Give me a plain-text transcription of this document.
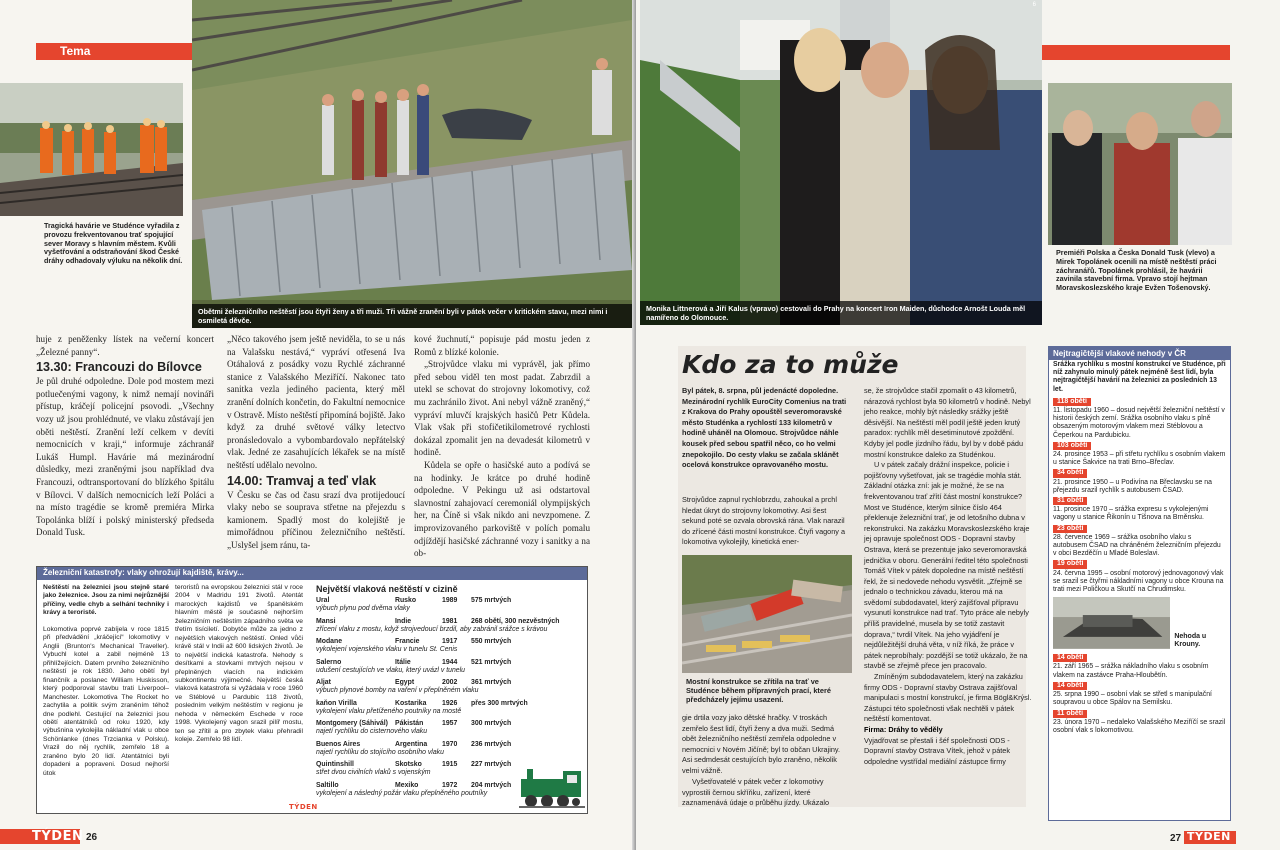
Tema
Tragická havárie ve Studénce vyřadila z provozu frekventovanou trať spojující sever Moravy s hlavním městem. Kvůli vyšetřování a odstraňování škod České dráhy odhadovaly výluku na několik dní.
Obětmi železničního neštěstí jsou čtyři ženy a tři muži. Tři vážně zranění byli v pátek večer v kritickém stavu, mezi nimi i osmiletá děvče.

huje z peněženky lístek na večerní koncert „Železné panny“.

13.30: Francouzi do Bílovce

Je půl druhé odpoledne. Dole pod mostem mezi potluečenými vagony, k nimž nemají novináři přístup, kráčejí policejní psovodi. „Všechny vozy už jsou prohlédnuté, ve vlaku zůstávají jen oběti neštěstí. Zranění leží celkem v devíti nemocnicích v kraji,“ informuje záchranář Lukáš Humpl. Havárie má mezinárodní důsledky, mezi zraněnými jsou například dva Francouzi, odtransportovaní do blízkého špitálu v Bílovci. V dalších nemocnicích leží Poláci a na místo tragédie se kromě premiéra Mirka Topolánka blíží i polský ministerský předseda Donald Tusk.

„Něco takového jsem ještě neviděla, to se u nás na Valašsku nestává,“ vypráví otřesená Iva Otáhalová z posádky vozu Rychlé záchranné stanice z Valašského Meziříčí. Nakonec tato sanitka vezla jediného pacienta, který měl zranění dolních končetin, do Fakultní nemocnice v Ostravě. Místo neštěstí připomíná bojiště. Jako když za druhé světové války letectvo pronásledovalo a vybombardovalo nepřátelský vlak. Jedné ze zasahujících lékařek se na místě neštěstí udělalo nevolno.

14.00: Tramvaj a teď vlak

V Česku se čas od času srazí dva protijedoucí vlaky nebo se souprava střetne na přejezdu s kamionem. Spadlý most do kolejiště je mimořádnou příčinou železničního neštěstí. „Uslyšel jsem ránu, ta-

kové žuchnutí,“ popisuje pád mostu jeden z Romů z blízké kolonie.

„Strojvůdce vlaku mi vyprávěl, jak přímo před sebou viděl ten most padat. Zabrzdil a utekl se schovat do strojovny lokomotivy, což mu zachránilo život. Ani nebyl vážně zraněný,“ vypráví mluvčí krajských hasičů Petr Kůdela. Vlak však při stofičetikilometrové rychlosti dokázal zpomalit jen na devadesát kilometrů v hodině.

Kůdela se opře o hasičské auto a podívá se na hodinky. Je krátce po druhé hodině odpoledne. V Pekingu už asi odstartoval slavnostní zahajovací ceremoniál olympijských her, na Číně si však nikdo ani nevzpomene. Z improvizovaného parkoviště v polích pomalu odjíždějí hasičské záchranné vozy i sanitky a na ob-

Železniční katastrofy: vlaky ohrožují kajdiště, krávy...
Neštěstí na železnici jsou stejně staré jako železnice. Jsou za nimi nejrůznější příčiny, vedle chyb a selhání techniky i krávy a teroristé.
Lokomotiva poprvé zabíjela v roce 1815 při předvádění „kráčející“ lokomotivy v Anglii (Brunton's Mechanical Traveller). Vybuchl kotel a zabil nejméně 13 přihlížejících. Datem prvního železničního neštěstí je rok 1830. Jeho obětí byl finančník a poslanec William Huskisson, který podporoval stavbu trati Liverpool–Manchester. Lokomotiva The Rocket ho zachytila a politik svým zraněním téhož dne podlehl. Cestující na železnici jsou obětí atentátníků od roku 1920, kdy výbušnina vykolejila nákladní vlak u obce Schönlanke (dnes Trzcianka v Polsku). Vrazil do něj rychlík, zemřelo 18 a zraněno bylo 20 lidí. Atentátníci byli dopadeni a popraveni. Dosud nejhorší útok
teroristů na evropskou železnici stál v roce 2004 v Madridu 191 životů. Atentát marockých kajdistů ve španělském hlavním městě je současně nejhorším železničním neštěstím západního světa ve třetím tisíciletí. Dobytče může za jedno z největších vlakových neštěstí. Onled vůči krávě stál v Indii až 600 lidských životů. Je to největší indická katastrofa. Nehody s desítkami a stovkami mrtvých nejsou v přeplněných vlacích na indickém subkontinentu výjimečné. Největší česká vlaková katastrofa si vyžádala v roce 1960 ve Stéblové u Pardubic 118 životů, posledním velkým neštěstím v regionu je nehoda v německém Eschede v roce 1998. Vykolejený vagon srazil pilíř mostu, ten se zřítil a pro zbytek vlaku přehradil koleje. Zemřelo 98 lidí.
Největší vlaková neštěstí v cizině
Ural	Rusko	1989 575 mrtvých
výbuch plynu pod dvěma vlaky
Mansi	Indie	1981 268 obětí, 300 nezvěstných
zřícení vlaku z mostu, když strojvedoucí brzdil, aby zabránil srážce s krávou
Modane	Francie	1917 550 mrtvých
vykolejení vojenského vlaku v tunelu St. Cenis
Salerno	Itálie	1944 521 mrtvých
udušení cestujících ve vlaku, který uvázl v tunelu
Aljat	Egypt	2002 361 mrtvých
výbuch plynové bomby na vaření v přeplněném vlaku
kaňon Virilla	Kostarika 1926 přes 300 mrtvých
vykolejení vlaku přetíženého poutníky na mostě
Montgomery (Sáhivál) Pákistán	1957 300 mrtvých
najetí rychlíku do cisternového vlaku
Buenos Aires	Argentina 1970 236 mrtvých
najetí rychlíku do stojícího osobního vlaku
Quintinshill	Skotsko	1915 227 mrtvých
střet dvou civilních vlaků s vojenským
Saltillo	Mexiko	1972 204 mrtvých
vykolejení a následný požár vlaku přeplněného poutníky
TÝDEN
TÝDEN 26
Monika Littnerová a Jiří Kalus (vpravo) cestovali do Prahy na koncert Iron Maiden, důchodce Arnošt Louda měl namířeno do Olomouce.
6
Premiéři Polska a Česka Donald Tusk (vlevo) a Mirek Topolánek ocenili na místě neštěstí práci záchranářů. Topolánek prohlásil, že havárii zavinila stavební firma. Vpravo stojí hejtman Moravskoslezského kraje Evžen Tošenovský.
Kdo za to může
Byl pátek, 8. srpna, půl jedenácté dopoledne. Mezinárodní rychlík EuroCity Comenius na trati z Krakova do Prahy opouštěl severomoravské město Studénka a rychlostí 133 kilometrů v hodině uháněl na Olomouc. Strojvůdce náhle kousek před sebou spatřil něco, co ho velmi znepokojilo. Do cesty vlaku se začala sklánět ocelová konstrukce opravovaného mostu.
Strojvůdce zapnul rychlobrzdu, zahoukal a prchl hledat úkryt do strojovny lokomotivy. Asi šest sekund poté se ozvala obrovská rána. Vlak narazil do zřícené části mostní konstrukce. Čtyři vagony a lokomotiva vykolejily, kinetická ener-
Mostní konstrukce se zřítila na trať ve Studénce během přípravných prací, které předcházely jejímu usazení.
gie drtila vozy jako dětské hračky. V troskách zemřelo šest lidí, čtyři ženy a dva muži. Sedmá obět železničního neštěstí zemřela odpoledne v nemocnici v Novém Jičíně; byl to občan Ukrajiny. Asi sedmdesát cestujících bylo zraněno, několik velmi vážně.
Vyšetřovatelé v pátek večer z lokomotivy vyprostili černou skříňku, zařízení, které zaznamenává údaje o průběhu jízdy. Ukázalo

se, že strojvůdce stačil zpomalit o 43 kilometrů, nárazová rychlost byla 90 kilometrů v hodině. Nebyl jeho reakce, mohly být následky srážky ještě děsivější. Na neštěstí měl podíl ještě jeden krutý paradox: rychlík měl desetiminutové zpoždění. Kdyby jel podle jízdního řádu, byl by v době pádu mostní konstrukce daleko za Studénkou.

U v pátek začaly drážní inspekce, policie i pojišťovny vyšetřovat, jak se tragédie mohla stát. Základní otázka zní: jak je možné, že se na frekventovanou trať zřítí část mostní konstrukce? Most ve Studénce, kterým silnice číslo 464 překlenuje železniční trať, je od letošního dubna v rekonstrukci. Na zakázku Moravskoslezského kraje jej opravuje společnost ODS - Dopravní stavby Ostrava, která se prezentuje jako severomoravská jednička v oboru. Generální ředitel této společnosti Tomáš Vítek v pátek dopoledne na místě neštěstí řekl, že si nedovede nehodu vysvětlit. „Zřejmě se jednalo o technickou závadu, kterou má na svědomí subdodavatel, který zajišťoval přípravu vysunutí konstrukce nad trať. Tyto práce ale nebyly příliš pravidelné, musela by se totiž zastavit doprava,“ tvrdil Vítek. Na jeho vyjádření je nejdůležitější druhá věta, v níž říká, že práce v pátek neprobíhaly: pozdější se totiž ukázalo, že na stavbě se zřejmě přece jen pracovalo.

Zmíněným subdodavatelem, který na zakázku firmy ODS - Dopravní stavby Ostrava zajišťoval manipulaci s mostní konstrukcí, je firma Bögl&Krýsl. Zástupci této společnosti však nechtěli v pátek neštěstí komentovat.

Firma: Dráhy to věděly

Vyjadřovat se přestali i šéf společnosti ODS - Dopravní stavby Ostrava Vítek, jehož v pátek odpoledne vystřídal mediální zástupce firmy

Nejtragičtější vlakové nehody v ČR
Srážka rychlíku s mostní konstrukcí ve Studénce, při níž zahynulo minulý pátek nejméně šest lidí, byla nejtragičtější havárií na železnici za posledních 13 let.
118 obětí
11. listopadu 1960 – dosud největší železniční neštěstí v historii českých zemí. Srážka osobního vlaku s plně obsazeným motorovým vlakem mezi Stéblovou a Čeperkou na Pardubicku.
103 obětí
24. prosince 1953 – při střetu rychlíku s osobním vlakem u stanice Šakvice na trati Brno–Břeclav.
34 obětí
21. prosince 1950 – u Podivína na Břeclavsku se na přejezdu srazil rychlík s autobusem ČSAD.
31 obětí
11. prosince 1970 – srážka expresu s vykolejenými vagony u stanice Řikonín u Tišnova na Brněnsku.
23 obětí
28. července 1969 – srážka osobního vlaku s autobusem ČSAD na chráněném železničním přejezdu v obci Bezděčín u Mladé Boleslavi.
19 obětí
24. června 1995 – osobní motorový jednovagonový vlak se srazil se čtyřmi nákladními vagony u obce Krouna na trati mezi Poličkou a Skutčí na Chrudimsku.
Nehoda u Krouny.
14 obětí
21. září 1965 – srážka nákladního vlaku s osobním vlakem na zastávce Praha-Hloubětín.
14 obětí
25. srpna 1990 – osobní vlak se střetl s manipulační soupravou u obce Spálov na Semilsku.
11 obětí
23. února 1970 – nedaleko Valašského Meziříčí se srazil osobní vlak s lokomotivou.
27 TÝDEN
